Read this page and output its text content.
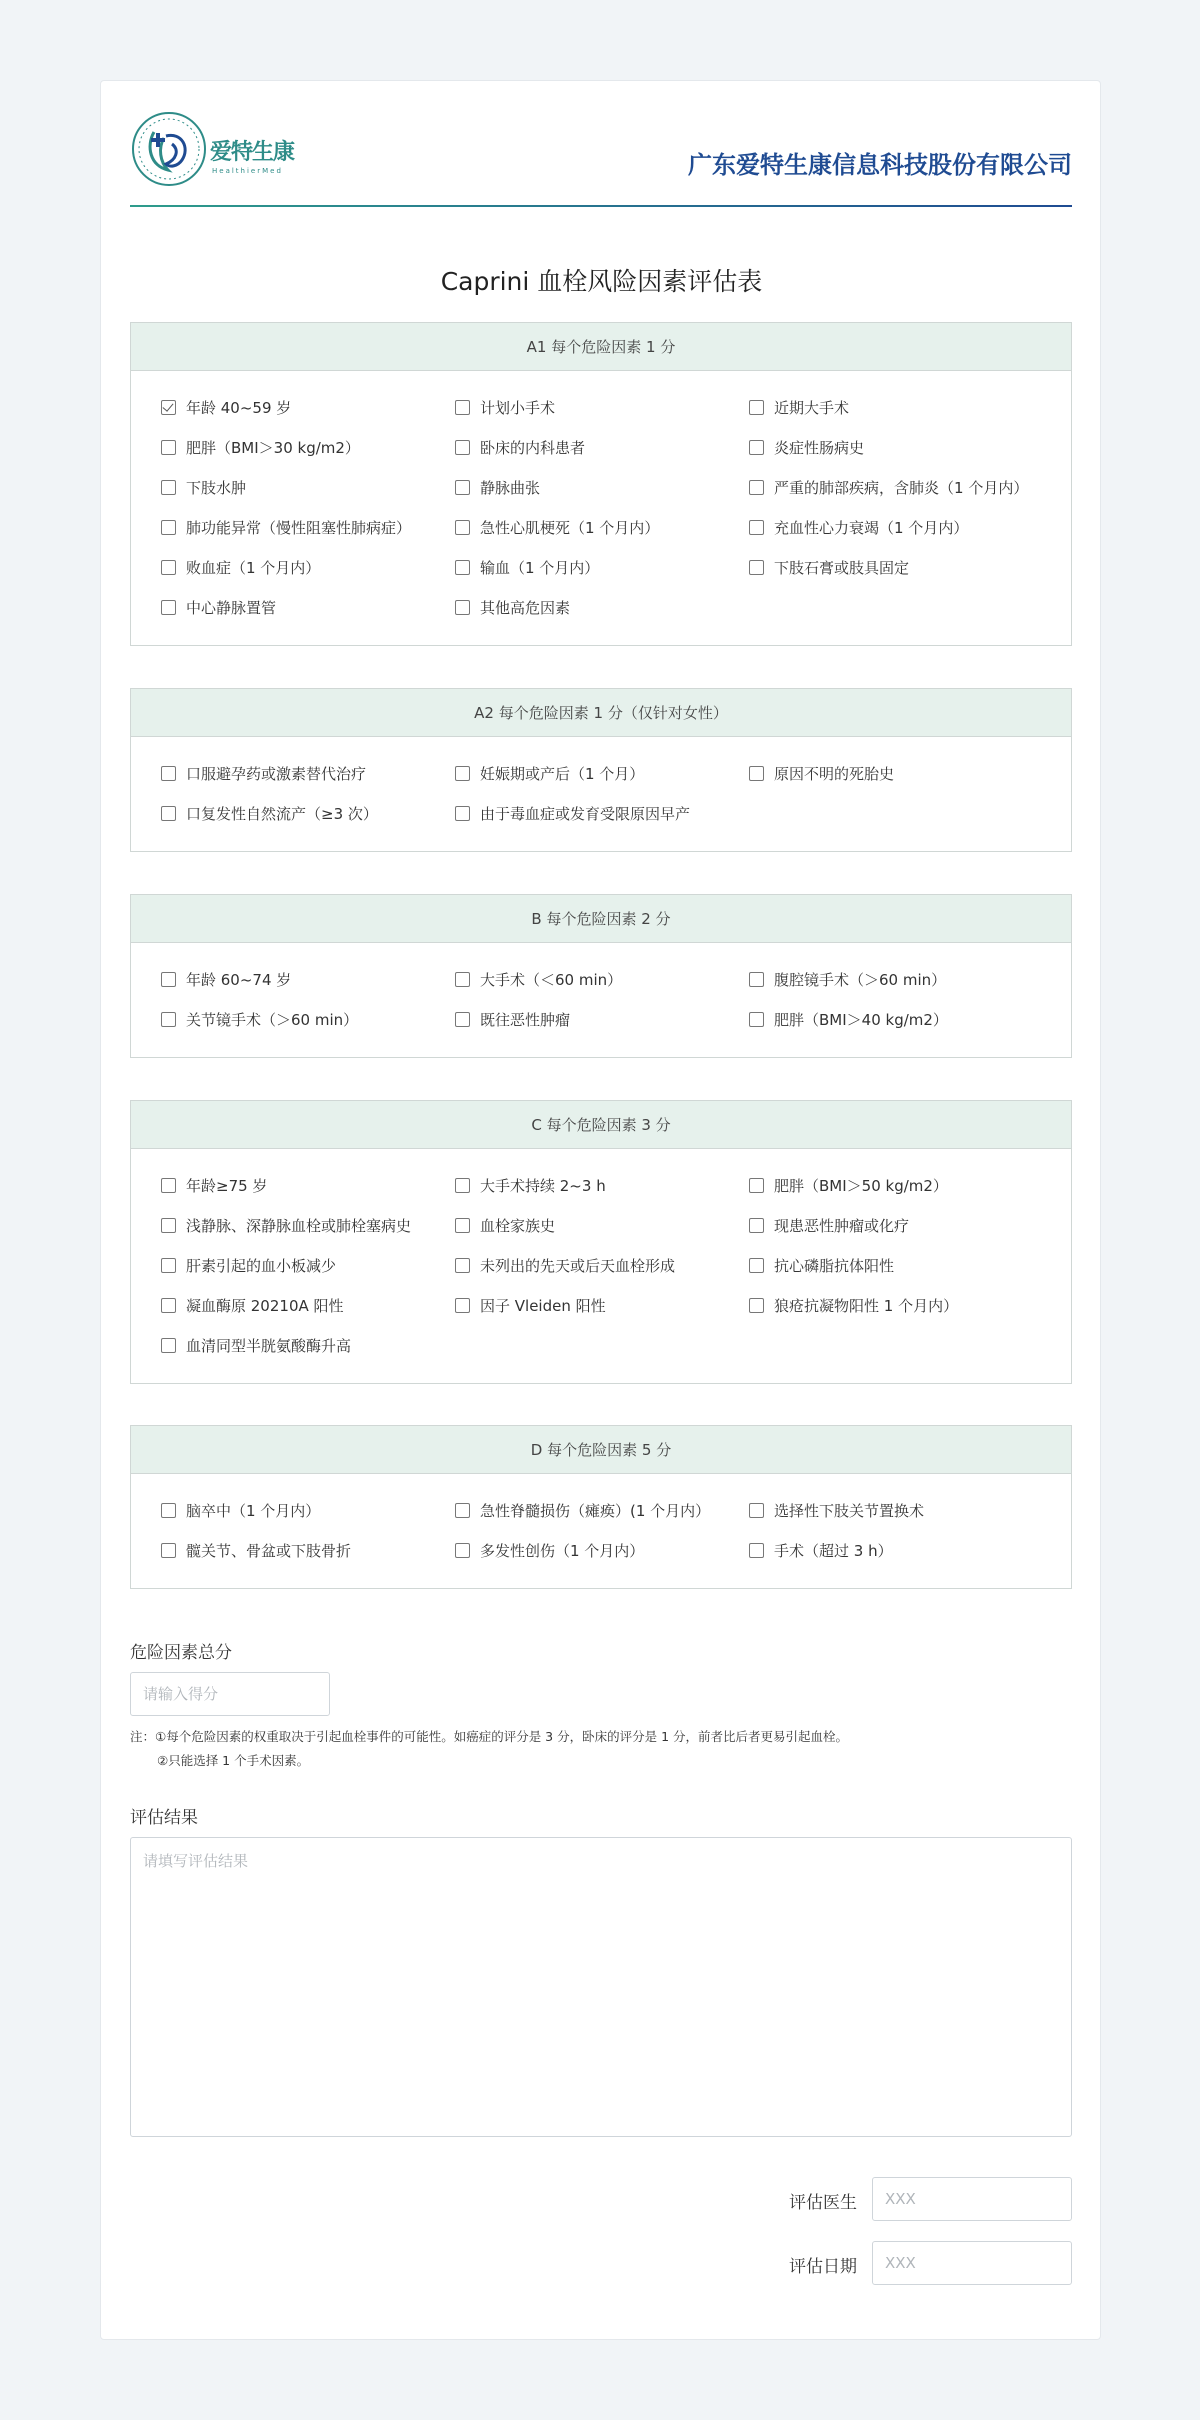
爱特生康
HealthierMed	广东爱特生康信息科技股份有限公司
Caprini 血栓风险因素评估表
A1 每个危险因素 1 分
年龄 40~59 岁	计划小手术	近期大手术
肥胖（BMI＞30 kg/m2）	卧床的内科患者	炎症性肠病史
下肢水肿	静脉曲张	严重的肺部疾病，含肺炎（1 个月内）
肺功能异常（慢性阻塞性肺病症）	急性心肌梗死（1 个月内）	充血性心力衰竭（1 个月内）
败血症（1 个月内）	输血（1 个月内）	下肢石膏或肢具固定
中心静脉置管	其他高危因素
A2 每个危险因素 1 分（仅针对女性）
口服避孕药或激素替代治疗	妊娠期或产后（1 个月）	原因不明的死胎史
口复发性自然流产（≥3 次）	由于毒血症或发育受限原因早产
B 每个危险因素 2 分
年龄 60~74 岁	大手术（＜60 min）	腹腔镜手术（＞60 min）
关节镜手术（＞60 min）	既往恶性肿瘤	肥胖（BMI＞40 kg/m2）
C 每个危险因素 3 分
年龄≥75 岁	大手术持续 2~3 h	肥胖（BMI＞50 kg/m2）
浅静脉、深静脉血栓或肺栓塞病史	血栓家族史	现患恶性肿瘤或化疗
肝素引起的血小板减少	未列出的先天或后天血栓形成	抗心磷脂抗体阳性
凝血酶原 20210A 阳性	因子 Vleiden 阳性	狼疮抗凝物阳性 1 个月内）
血清同型半胱氨酸酶升高
D 每个危险因素 5 分
脑卒中（1 个月内）	急性脊髓损伤（瘫痪）(1 个月内）	选择性下肢关节置换术
髋关节、骨盆或下肢骨折	多发性创伤（1 个月内）	手术（超过 3 h）
危险因素总分
请输入得分
注：①每个危险因素的权重取决于引起血栓事件的可能性。如癌症的评分是 3 分，卧床的评分是 1 分，前者比后者更易引起血栓。
②只能选择 1 个手术因素。
评估结果
请填写评估结果
评估医生
XXX
评估日期
XXX
